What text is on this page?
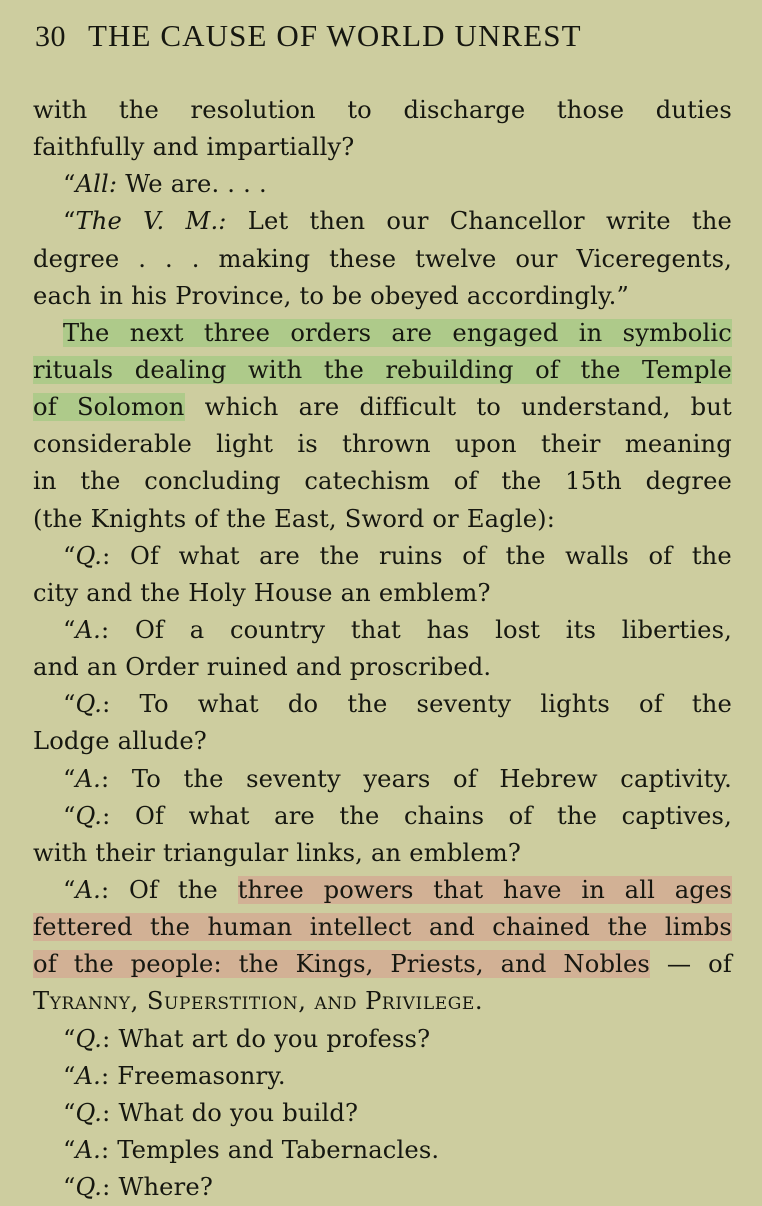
30 THE CAUSE OF WORLD UNREST
with the resolution to discharge those duties
faithfully and impartially?
“All: We are. . . .
“The V. M.: Let then our Chancellor write the
degree . . . making these twelve our Viceregents,
each in his Province, to be obeyed accordingly.”
The next three orders are engaged in symbolic
rituals dealing with the rebuilding of the Temple
of Solomon which are difficult to understand, but
considerable light is thrown upon their meaning
in the concluding catechism of the 15th degree
(the Knights of the East, Sword or Eagle):
“Q.: Of what are the ruins of the walls of the
city and the Holy House an emblem?
“A.: Of a country that has lost its liberties,
and an Order ruined and proscribed.
“Q.: To what do the seventy lights of the
Lodge allude?
“A.: To the seventy years of Hebrew captivity.
“Q.: Of what are the chains of the captives,
with their triangular links, an emblem?
“A.: Of the three powers that have in all ages
fettered the human intellect and chained the limbs
of the people: the Kings, Priests, and Nobles — of
Tyranny, Superstition, and Privilege.
“Q.: What art do you profess?
“A.: Freemasonry.
“Q.: What do you build?
“A.: Temples and Tabernacles.
“Q.: Where?
